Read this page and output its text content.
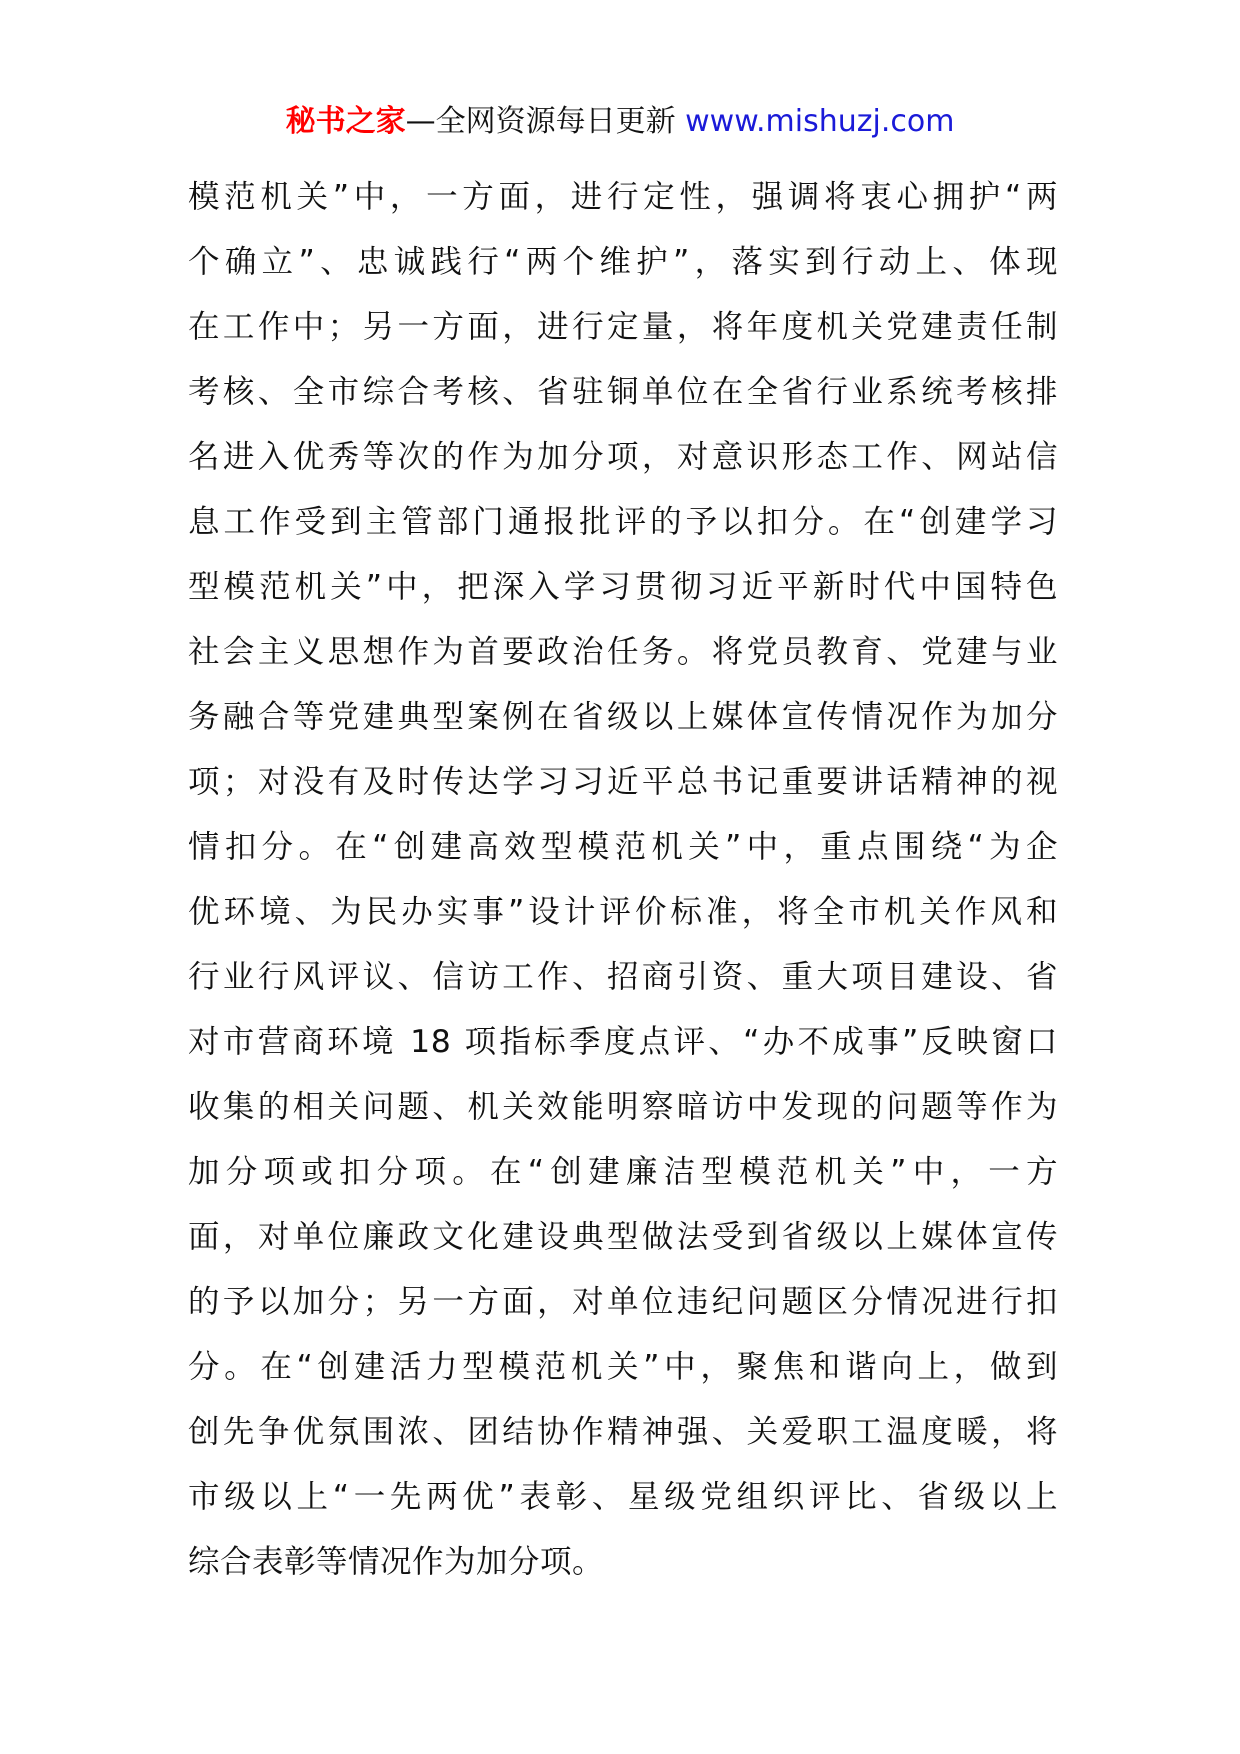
秘书之家—全网资源每日更新 www.mishuzj.com
模范机关”中，一方面，进行定性，强调将衷心拥护“两
个确立”、忠诚践行“两个维护”，落实到行动上、体现
在工作中；另一方面，进行定量，将年度机关党建责任制
考核、全市综合考核、省驻铜单位在全省行业系统考核排
名进入优秀等次的作为加分项，对意识形态工作、网站信
息工作受到主管部门通报批评的予以扣分。在“创建学习
型模范机关”中，把深入学习贯彻习近平新时代中国特色
社会主义思想作为首要政治任务。将党员教育、党建与业
务融合等党建典型案例在省级以上媒体宣传情况作为加分
项；对没有及时传达学习习近平总书记重要讲话精神的视
情扣分。在“创建高效型模范机关”中，重点围绕“为企
优环境、为民办实事”设计评价标准，将全市机关作风和
行业行风评议、信访工作、招商引资、重大项目建设、省
对市营商环境 18 项指标季度点评、“办不成事”反映窗口
收集的相关问题、机关效能明察暗访中发现的问题等作为
加分项或扣分项。在“创建廉洁型模范机关”中，一方
面，对单位廉政文化建设典型做法受到省级以上媒体宣传
的予以加分；另一方面，对单位违纪问题区分情况进行扣
分。在“创建活力型模范机关”中，聚焦和谐向上，做到
创先争优氛围浓、团结协作精神强、关爱职工温度暖，将
市级以上“一先两优”表彰、星级党组织评比、省级以上
综合表彰等情况作为加分项。
